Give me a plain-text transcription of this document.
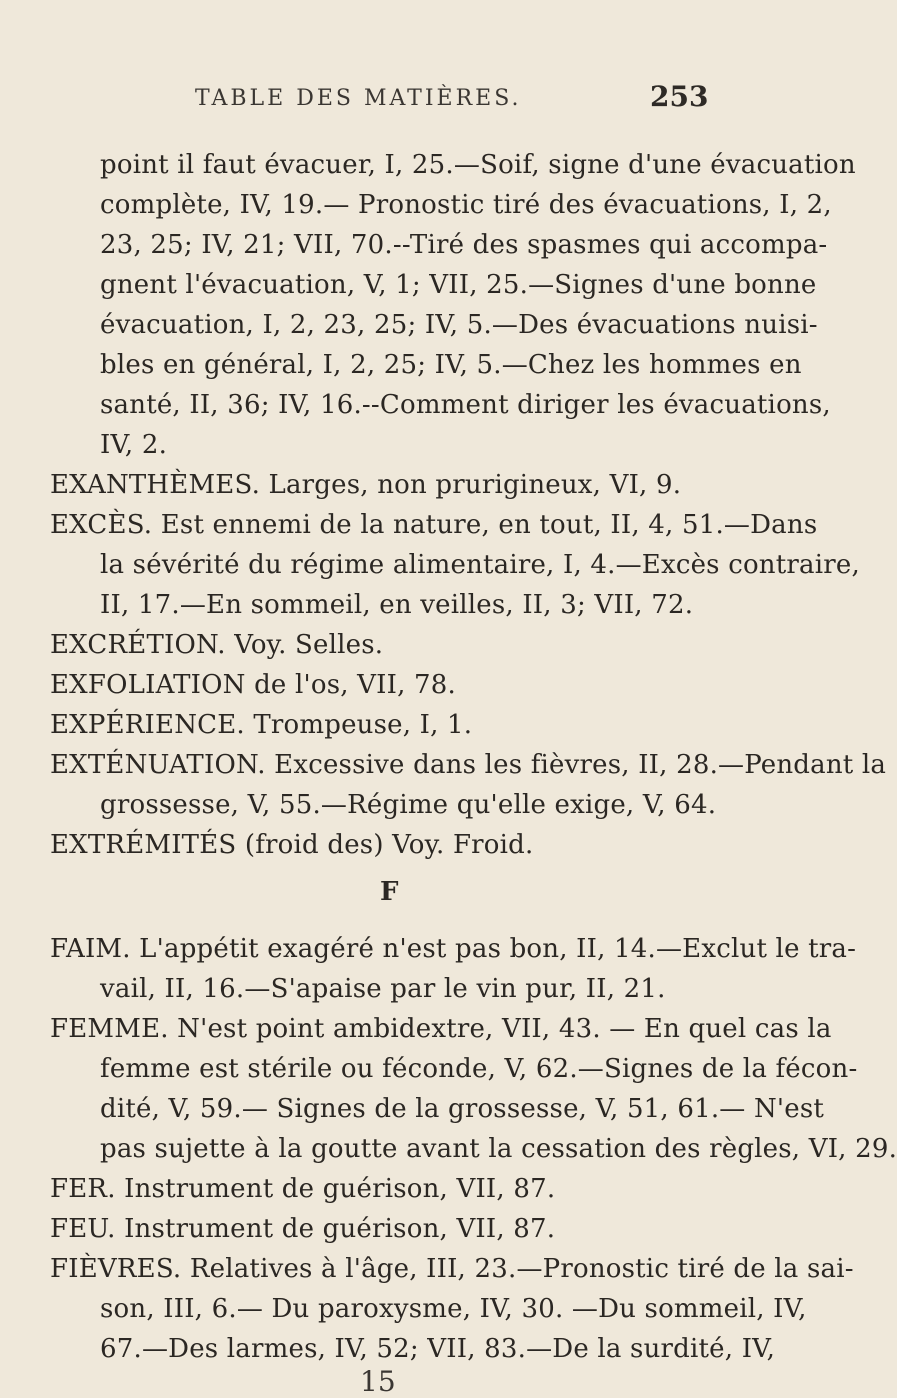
TABLE DES MATIÈRES.	253

point il faut évacuer, I, 25.—Soif, signe d'une évacuation
complète, IV, 19.— Pronostic tiré des évacuations, I, 2,
23, 25; IV, 21; VII, 70.--Tiré des spasmes qui accompa-
gnent l'évacuation, V, 1; VII, 25.—Signes d'une bonne
évacuation, I, 2, 23, 25; IV, 5.—Des évacuations nuisi-
bles en général, I, 2, 25; IV, 5.—Chez les hommes en
santé, II, 36; IV, 16.--Comment diriger les évacuations,
IV, 2.

EXANTHÈMES. Larges, non prurigineux, VI, 9.
EXCÈS. Est ennemi de la nature, en tout, II, 4, 51.—Dans
la sévérité du régime alimentaire, I, 4.—Excès contraire,
II, 17.—En sommeil, en veilles, II, 3; VII, 72.
EXCRÉTION. Voy. Selles.
EXFOLIATION de l'os, VII, 78.
EXPÉRIENCE. Trompeuse, I, 1.
EXTÉNUATION. Excessive dans les fièvres, II, 28.—Pendant la
grossesse, V, 55.—Régime qu'elle exige, V, 64.
EXTRÉMITÉS (froid des) Voy. Froid.
F
FAIM. L'appétit exagéré n'est pas bon, II, 14.—Exclut le tra-
vail, II, 16.—S'apaise par le vin pur, II, 21.
FEMME. N'est point ambidextre, VII, 43. — En quel cas la
femme est stérile ou féconde, V, 62.—Signes de la fécon-
dité, V, 59.— Signes de la grossesse, V, 51, 61.— N'est
pas sujette à la goutte avant la cessation des règles, VI, 29.
FER. Instrument de guérison, VII, 87.
FEU. Instrument de guérison, VII, 87.
FIÈVRES. Relatives à l'âge, III, 23.—Pronostic tiré de la sai-
son, III, 6.— Du paroxysme, IV, 30. —Du sommeil, IV,
67.—Des larmes, IV, 52; VII, 83.—De la surdité, IV,
15
